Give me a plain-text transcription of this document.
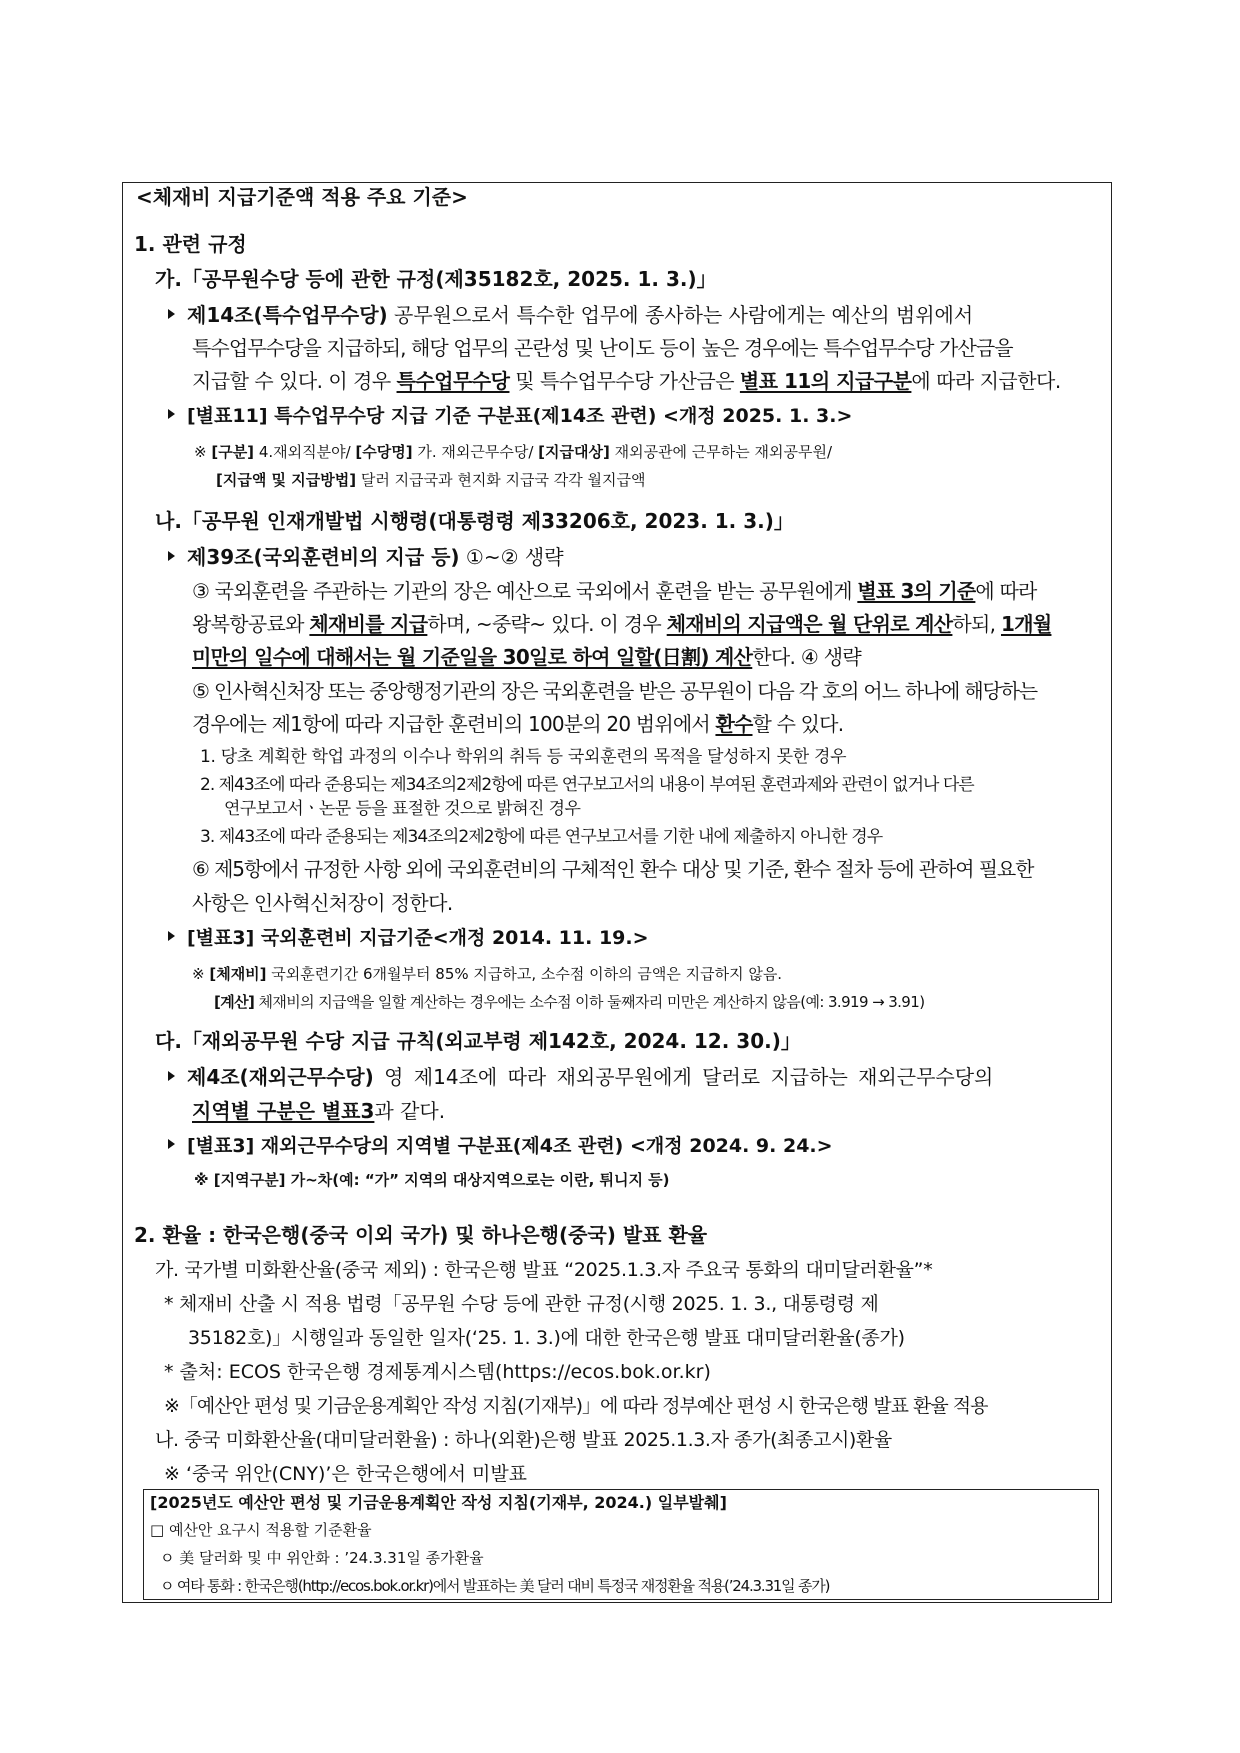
<체재비 지급기준액 적용 주요 기준>
1. 관련 규정
가.「공무원수당 등에 관한 규정(제35182호, 2025. 1. 3.)」
제14조(특수업무수당) 공무원으로서 특수한 업무에 종사하는 사람에게는 예산의 범위에서
특수업무수당을 지급하되, 해당 업무의 곤란성 및 난이도 등이 높은 경우에는 특수업무수당 가산금을
지급할 수 있다. 이 경우 특수업무수당 및 특수업무수당 가산금은 별표 11의 지급구분에 따라 지급한다.
[별표11] 특수업무수당 지급 기준 구분표(제14조 관련) <개정 2025. 1. 3.>
※ [구분] 4.재외직분야/ [수당명] 가. 재외근무수당/ [지급대상] 재외공관에 근무하는 재외공무원/
[지급액 및 지급방법] 달러 지급국과 현지화 지급국 각각 월지급액
나.「공무원 인재개발법 시행령(대통령령 제33206호, 2023. 1. 3.)」
제39조(국외훈련비의 지급 등) ①~② 생략
③ 국외훈련을 주관하는 기관의 장은 예산으로 국외에서 훈련을 받는 공무원에게 별표 3의 기준에 따라
왕복항공료와 체재비를 지급하며, ~중략~ 있다. 이 경우 체재비의 지급액은 월 단위로 계산하되, 1개월
미만의 일수에 대해서는 월 기준일을 30일로 하여 일할(日割) 계산한다. ④ 생략
⑤ 인사혁신처장 또는 중앙행정기관의 장은 국외훈련을 받은 공무원이 다음 각 호의 어느 하나에 해당하는
경우에는 제1항에 따라 지급한 훈련비의 100분의 20 범위에서 환수할 수 있다.
1. 당초 계획한 학업 과정의 이수나 학위의 취득 등 국외훈련의 목적을 달성하지 못한 경우
2. 제43조에 따라 준용되는 제34조의2제2항에 따른 연구보고서의 내용이 부여된 훈련과제와 관련이 없거나 다른
연구보고서ㆍ논문 등을 표절한 것으로 밝혀진 경우
3. 제43조에 따라 준용되는 제34조의2제2항에 따른 연구보고서를 기한 내에 제출하지 아니한 경우
⑥ 제5항에서 규정한 사항 외에 국외훈련비의 구체적인 환수 대상 및 기준, 환수 절차 등에 관하여 필요한
사항은 인사혁신처장이 정한다.
[별표3] 국외훈련비 지급기준<개정 2014. 11. 19.>
※ [체재비] 국외훈련기간 6개월부터 85% 지급하고, 소수점 이하의 금액은 지급하지 않음.
[계산] 체재비의 지급액을 일할 계산하는 경우에는 소수점 이하 둘째자리 미만은 계산하지 않음(예: 3.919 → 3.91)
다.「재외공무원 수당 지급 규칙(외교부령 제142호, 2024. 12. 30.)」
제4조(재외근무수당) 영 제14조에 따라 재외공무원에게 달러로 지급하는 재외근무수당의
지역별 구분은 별표3과 같다.
[별표3] 재외근무수당의 지역별 구분표(제4조 관련) <개정 2024. 9. 24.>
※ [지역구분] 가~차(예: “가” 지역의 대상지역으로는 이란, 튀니지 등)
2. 환율 : 한국은행(중국 이외 국가) 및 하나은행(중국) 발표 환율
가. 국가별 미화환산율(중국 제외) : 한국은행 발표 “2025.1.3.자 주요국 통화의 대미달러환율”*
* 체재비 산출 시 적용 법령「공무원 수당 등에 관한 규정(시행 2025. 1. 3., 대통령령 제
35182호)」시행일과 동일한 일자(‘25. 1. 3.)에 대한 한국은행 발표 대미달러환율(종가)
* 출처: ECOS 한국은행 경제통계시스템(https://ecos.bok.or.kr)
※「예산안 편성 및 기금운용계획안 작성 지침(기재부)」에 따라 정부예산 편성 시 한국은행 발표 환율 적용
나. 중국 미화환산율(대미달러환율) : 하나(외환)은행 발표 2025.1.3.자 종가(최종고시)환율
※ ‘중국 위안(CNY)’은 한국은행에서 미발표
[2025년도 예산안 편성 및 기금운용계획안 작성 지침(기재부, 2024.) 일부발췌]
□ 예산안 요구시 적용할 기준환율
ㅇ 美 달러화 및 中 위안화 : ’24.3.31일 종가환율
ㅇ 여타 통화 : 한국은행(http://ecos.bok.or.kr)에서 발표하는 美 달러 대비 특정국 재정환율 적용(’24.3.31일 종가)
